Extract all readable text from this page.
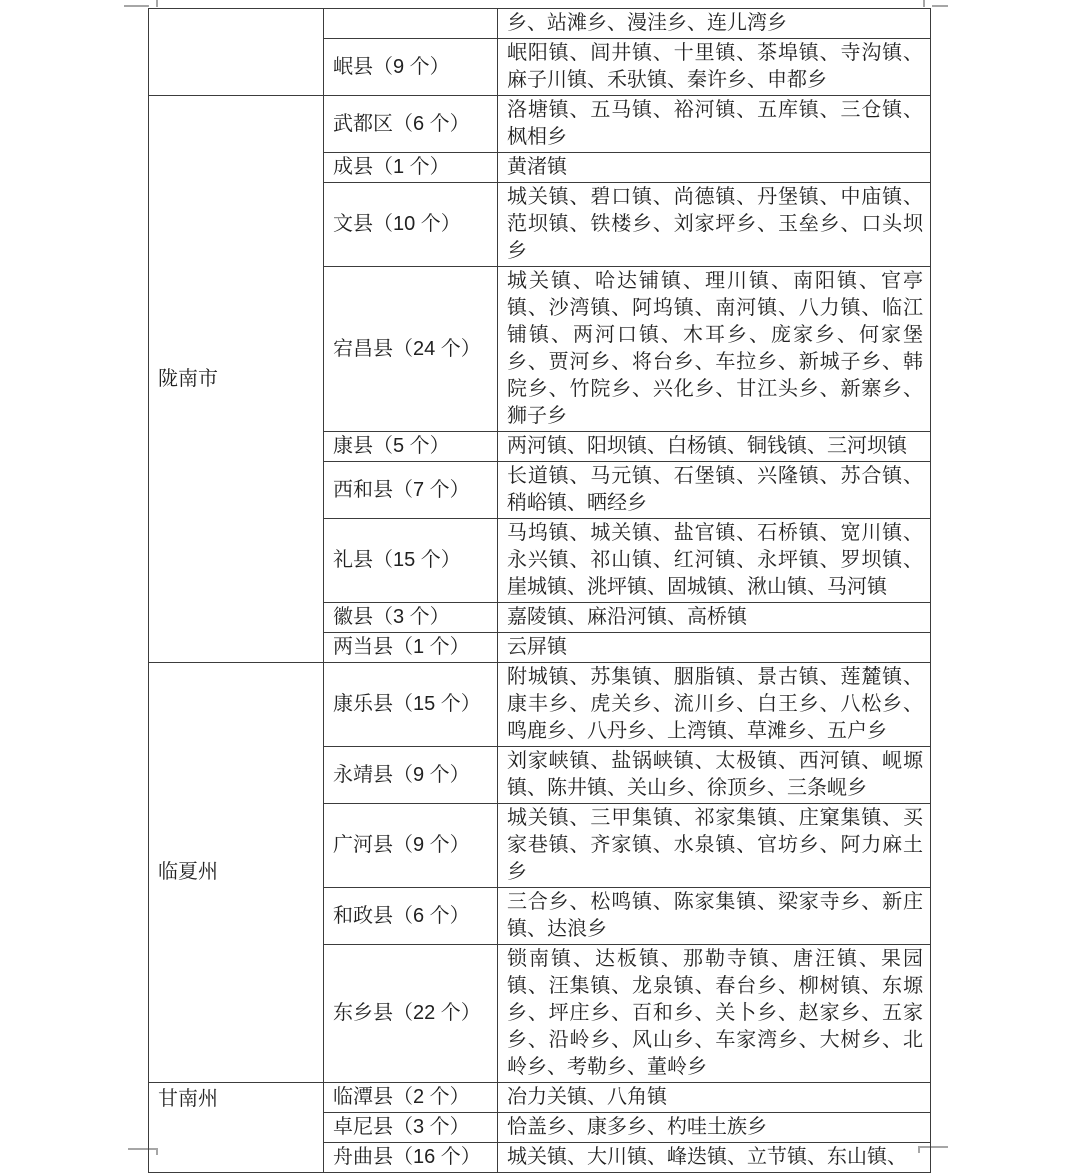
		乡、站滩乡、漫洼乡、连儿湾乡
	岷县（9 个）	岷阳镇、闾井镇、十里镇、茶埠镇、寺沟镇、麻子川镇、禾驮镇、秦许乡、申都乡
陇南市	武都区（6 个）	洛塘镇、五马镇、裕河镇、五库镇、三仓镇、枫相乡
	成县（1 个）	黄渚镇
	文县（10 个）	城关镇、碧口镇、尚德镇、丹堡镇、中庙镇、范坝镇、铁楼乡、刘家坪乡、玉垒乡、口头坝乡
	宕昌县（24 个）	城关镇、哈达铺镇、理川镇、南阳镇、官亭镇、沙湾镇、阿坞镇、南河镇、八力镇、临江铺镇、两河口镇、木耳乡、庞家乡、何家堡乡、贾河乡、将台乡、车拉乡、新城子乡、韩院乡、竹院乡、兴化乡、甘江头乡、新寨乡、狮子乡
	康县（5 个）	两河镇、阳坝镇、白杨镇、铜钱镇、三河坝镇
	西和县（7 个）	长道镇、马元镇、石堡镇、兴隆镇、苏合镇、稍峪镇、晒经乡
	礼县（15 个）	马坞镇、城关镇、盐官镇、石桥镇、宽川镇、永兴镇、祁山镇、红河镇、永坪镇、罗坝镇、崖城镇、洮坪镇、固城镇、湫山镇、马河镇
	徽县（3 个）	嘉陵镇、麻沿河镇、高桥镇
	两当县（1 个）	云屏镇
临夏州	康乐县（15 个）	附城镇、苏集镇、胭脂镇、景古镇、莲麓镇、康丰乡、虎关乡、流川乡、白王乡、八松乡、鸣鹿乡、八丹乡、上湾镇、草滩乡、五户乡
	永靖县（9 个）	刘家峡镇、盐锅峡镇、太极镇、西河镇、岘塬镇、陈井镇、关山乡、徐顶乡、三条岘乡
	广河县（9 个）	城关镇、三甲集镇、祁家集镇、庄窠集镇、买家巷镇、齐家镇、水泉镇、官坊乡、阿力麻土乡
	和政县（6 个）	三合乡、松鸣镇、陈家集镇、梁家寺乡、新庄镇、达浪乡
	东乡县（22 个）	锁南镇、达板镇、那勒寺镇、唐汪镇、果园镇、汪集镇、龙泉镇、春台乡、柳树镇、东塬乡、坪庄乡、百和乡、关卜乡、赵家乡、五家乡、沿岭乡、风山乡、车家湾乡、大树乡、北岭乡、考勒乡、董岭乡
甘南州	临潭县（2 个）	冶力关镇、八角镇
	卓尼县（3 个）	恰盖乡、康多乡、杓哇土族乡
	舟曲县（16 个）	城关镇、大川镇、峰迭镇、立节镇、东山镇、
